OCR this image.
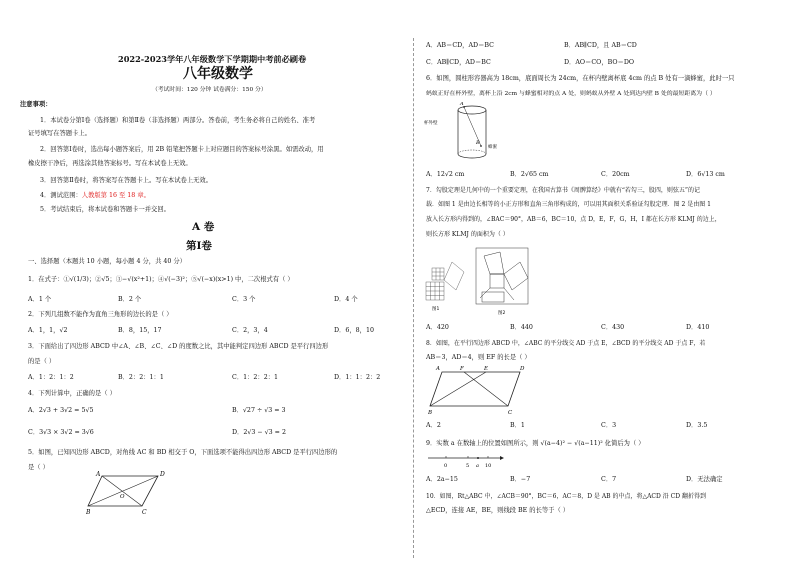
2022-2023学年八年级数学下学期期中考前必刷卷
八年级数学
（考试时间：120 分钟 试卷满分：150 分）
注意事项：
1．本试卷分第Ⅰ卷（选择题）和第Ⅱ卷（非选择题）两部分。答卷前，考生务必将自己的姓名、准考
证号填写在答题卡上。
2．回答第Ⅰ卷时，选出每小题答案后，用 2B 铅笔把答题卡上对应题目的答案标号涂黑。如需改动，用
橡皮擦干净后，再选涂其他答案标号。写在本试卷上无效。
3．回答第Ⅱ卷时，将答案写在答题卡上。写在本试卷上无效。
4．测试范围：人教版第 16 至 18 章。
5．考试结束后，将本试卷和答题卡一并交回。
A 卷
第Ⅰ卷
一、选择题（本题共 10 小题，每小题 4 分，共 40 分）
1．在式子：①√(1/3)；②√5；③−√(x²+1)；④√(−3)²；⑤√(−x)(x>1) 中，二次根式有（ ）
A．1 个	B．2 个	C．3 个	D．4 个
2．下列几组数不能作为直角三角形的边长的是（ ）
A．1，1，√2	B．8，15，17	C．2，3，4	D．6，8，10
3．下面给出了四边形 ABCD 中∠A、∠B、∠C、∠D 的度数之比，其中能判定四边形 ABCD 是平行四边形
的是（ ）
A．1：2：1：2	B．2：2：1：1	C．1：2：2：1	D．1：1：2：2
4．下列计算中，正确的是（ ）
A．2√3 + 3√2 = 5√5	B．√27 ÷ √3 = 3
C．3√3 × 3√2 = 3√6	D．2√3 − √3 = 2
5．如图，已知四边形 ABCD，对角线 AC 和 BD 相交于 O，下面选项不能得出四边形 ABCD 是平行四边形的
是（ ）
A	D
B	C
O
A．AB＝CD，AD＝BC	B．AB∥CD，且 AB＝CD
C．AB∥CD，AD＝BC	D．AO＝CO，BO＝DO
6．如图，圆柱形容器高为 18cm，底面周长为 24cm，在杯内壁离杯底 4cm 的点 B 处有一滴蜂蜜，此时一只
蚂蚁正好在杯外壁，离杯上沿 2cm 与蜂蜜相对的点 A 处，则蚂蚁从外壁 A 处到达内壁 B 处的最短距离为（ ）
杯外壁
蜂蜜
A
B
A．12√2 cm	B．2√65 cm	C．20cm	D．6√13 cm
7．勾股定理是几何中的一个重要定理，在我国古算书《周髀算经》中就有“若勾三，股四，则弦五”的记
载．如图 1 是由边长相等的小正方形和直角三角形构成的，可以用其面积关系验证勾股定理．图 2 是由图 1
放入长方形内得到的，∠BAC＝90°，AB＝6，BC＝10，点 D，E，F，G，H，I 都在长方形 KLMJ 的边上，
则长方形 KLMJ 的面积为（ ）
图1
图2
A．420	B．440	C．430	D．410
8．如图，在平行四边形 ABCD 中，∠ABC 的平分线交 AD 于点 E，∠BCD 的平分线交 AD 于点 F，若
AB＝3，AD＝4，则 EF 的长是（ ）
A	D
B	C
E
F
A．2	B．1	C．3	D．3.5
9．实数 a 在数轴上的位置如图所示，则 √(a−4)² − √(a−11)² 化简后为（ ）
0	5 a 10
A．2a−15	B．−7	C．7	D．无法确定
10．如图，Rt△ABC 中，∠ACB＝90°，BC＝6，AC＝8，D 是 AB 的中点，将△ACD 沿 CD 翻折得到
△ECD，连接 AE，BE，则线段 BE 的长等于（ ）
